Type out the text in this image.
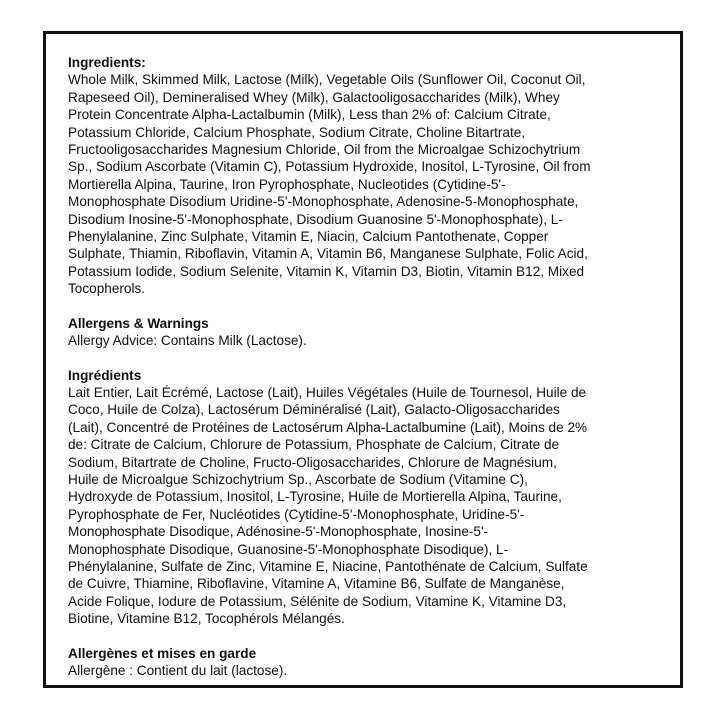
Ingredients:

Whole Milk, Skimmed Milk, Lactose (Milk), Vegetable Oils (Sunflower Oil, Coconut Oil,
Rapeseed Oil), Demineralised Whey (Milk), Galactooligosaccharides (Milk), Whey
Protein Concentrate Alpha-Lactalbumin (Milk), Less than 2% of: Calcium Citrate,
Potassium Chloride, Calcium Phosphate, Sodium Citrate, Choline Bitartrate,
Fructooligosaccharides Magnesium Chloride, Oil from the Microalgae Schizochytrium
Sp., Sodium Ascorbate (Vitamin C), Potassium Hydroxide, Inositol, L-Tyrosine, Oil from
Mortierella Alpina, Taurine, Iron Pyrophosphate, Nucleotides (Cytidine-5'-
Monophosphate Disodium Uridine-5'-Monophosphate, Adenosine-5-Monophosphate,
Disodium Inosine-5'-Monophosphate, Disodium Guanosine 5'-Monophosphate), L-
Phenylalanine, Zinc Sulphate, Vitamin E, Niacin, Calcium Pantothenate, Copper
Sulphate, Thiamin, Riboflavin, Vitamin A, Vitamin B6, Manganese Sulphate, Folic Acid,
Potassium Iodide, Sodium Selenite, Vitamin K, Vitamin D3, Biotin, Vitamin B12, Mixed
Tocopherols.

Allergens & Warnings

Allergy Advice: Contains Milk (Lactose).

Ingrédients

Lait Entier, Lait Écrémé, Lactose (Lait), Huiles Végétales (Huile de Tournesol, Huile de
Coco, Huile de Colza), Lactosérum Déminéralisé (Lait), Galacto-Oligosaccharides
(Lait), Concentré de Protéines de Lactosérum Alpha-Lactalbumine (Lait), Moins de 2%
de: Citrate de Calcium, Chlorure de Potassium, Phosphate de Calcium, Citrate de
Sodium, Bitartrate de Choline, Fructo-Oligosaccharides, Chlorure de Magnésium,
Huile de Microalgue Schizochytrium Sp., Ascorbate de Sodium (Vitamine C),
Hydroxyde de Potassium, Inositol, L-Tyrosine, Huile de Mortierella Alpina, Taurine,
Pyrophosphate de Fer, Nucléotides (Cytidine-5'-Monophosphate, Uridine-5'-
Monophosphate Disodique, Adénosine-5'-Monophosphate, Inosine-5'-
Monophosphate Disodique, Guanosine-5'-Monophosphate Disodique), L-
Phénylalanine, Sulfate de Zinc, Vitamine E, Niacine, Pantothénate de Calcium, Sulfate
de Cuivre, Thiamine, Riboflavine, Vitamine A, Vitamine B6, Sulfate de Manganèse,
Acide Folique, Iodure de Potassium, Sélénite de Sodium, Vitamine K, Vitamine D3,
Biotine, Vitamine B12, Tocophérols Mélangés.

Allergènes et mises en garde

Allergène : Contient du lait (lactose).
